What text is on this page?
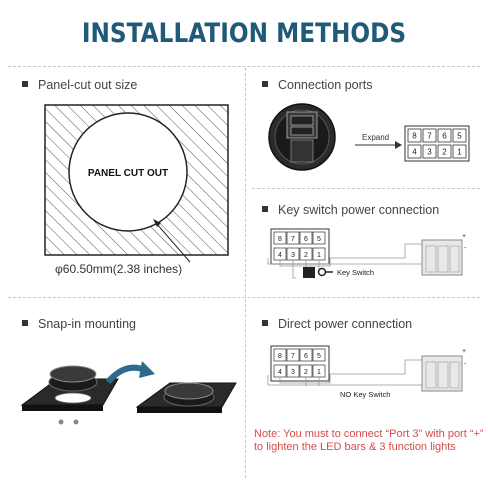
INSTALLATION METHODS
Panel-cut out size	Connection ports
Key switch power connection
Snap-in mounting	Direct power connection
PANEL CUT OUT
φ60.50mm(2.38 inches)
Expand	8 7 6 5
4 3 2 1
8 7 6 5
4 3 2 1
Key Switch
+
-
8 7 6 5
4 3 2 1
NO Key Switch
+
-
Note: You must to connect “Port 3” with port “+” to lighten the LED bars & 3 function lights
